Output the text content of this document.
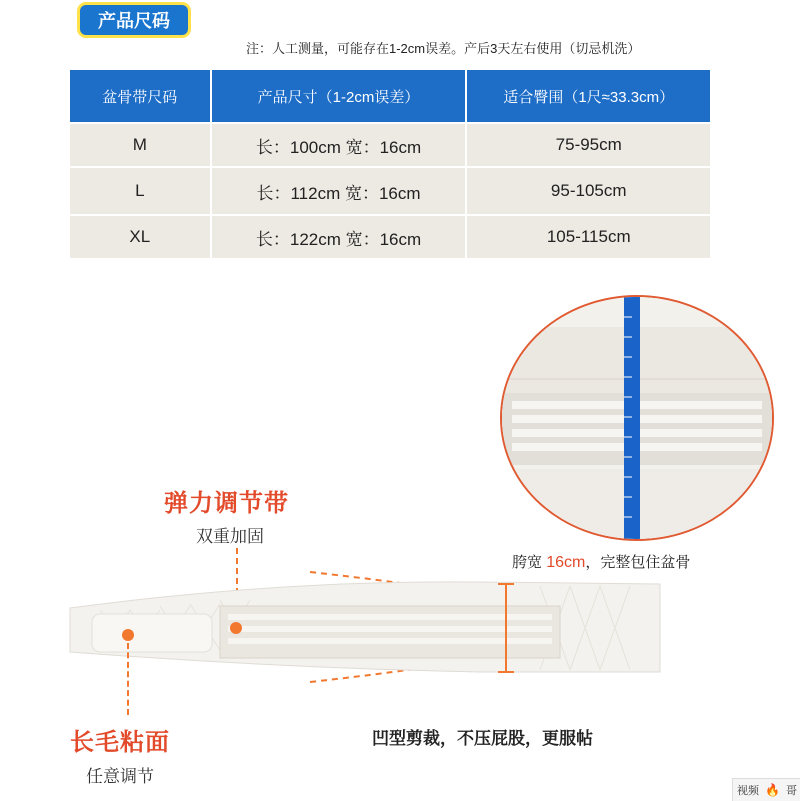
产品尺码
注：人工测量，可能存在1-2cm误差。产后3天左右使用（切忌机洗）
盆骨带尺码	产品尺寸（1-2cm误差）	适合臀围（1尺≈33.3cm）
M	长：100cm 宽：16cm	75-95cm
L	长：112cm 宽：16cm	95-105cm
XL	长：122cm 宽：16cm	105-115cm
弹力调节带
双重加固
胯宽 16cm，完整包住盆骨
长毛粘面
任意调节
凹型剪裁，不压屁股，更服帖
视频 🔥 哥
